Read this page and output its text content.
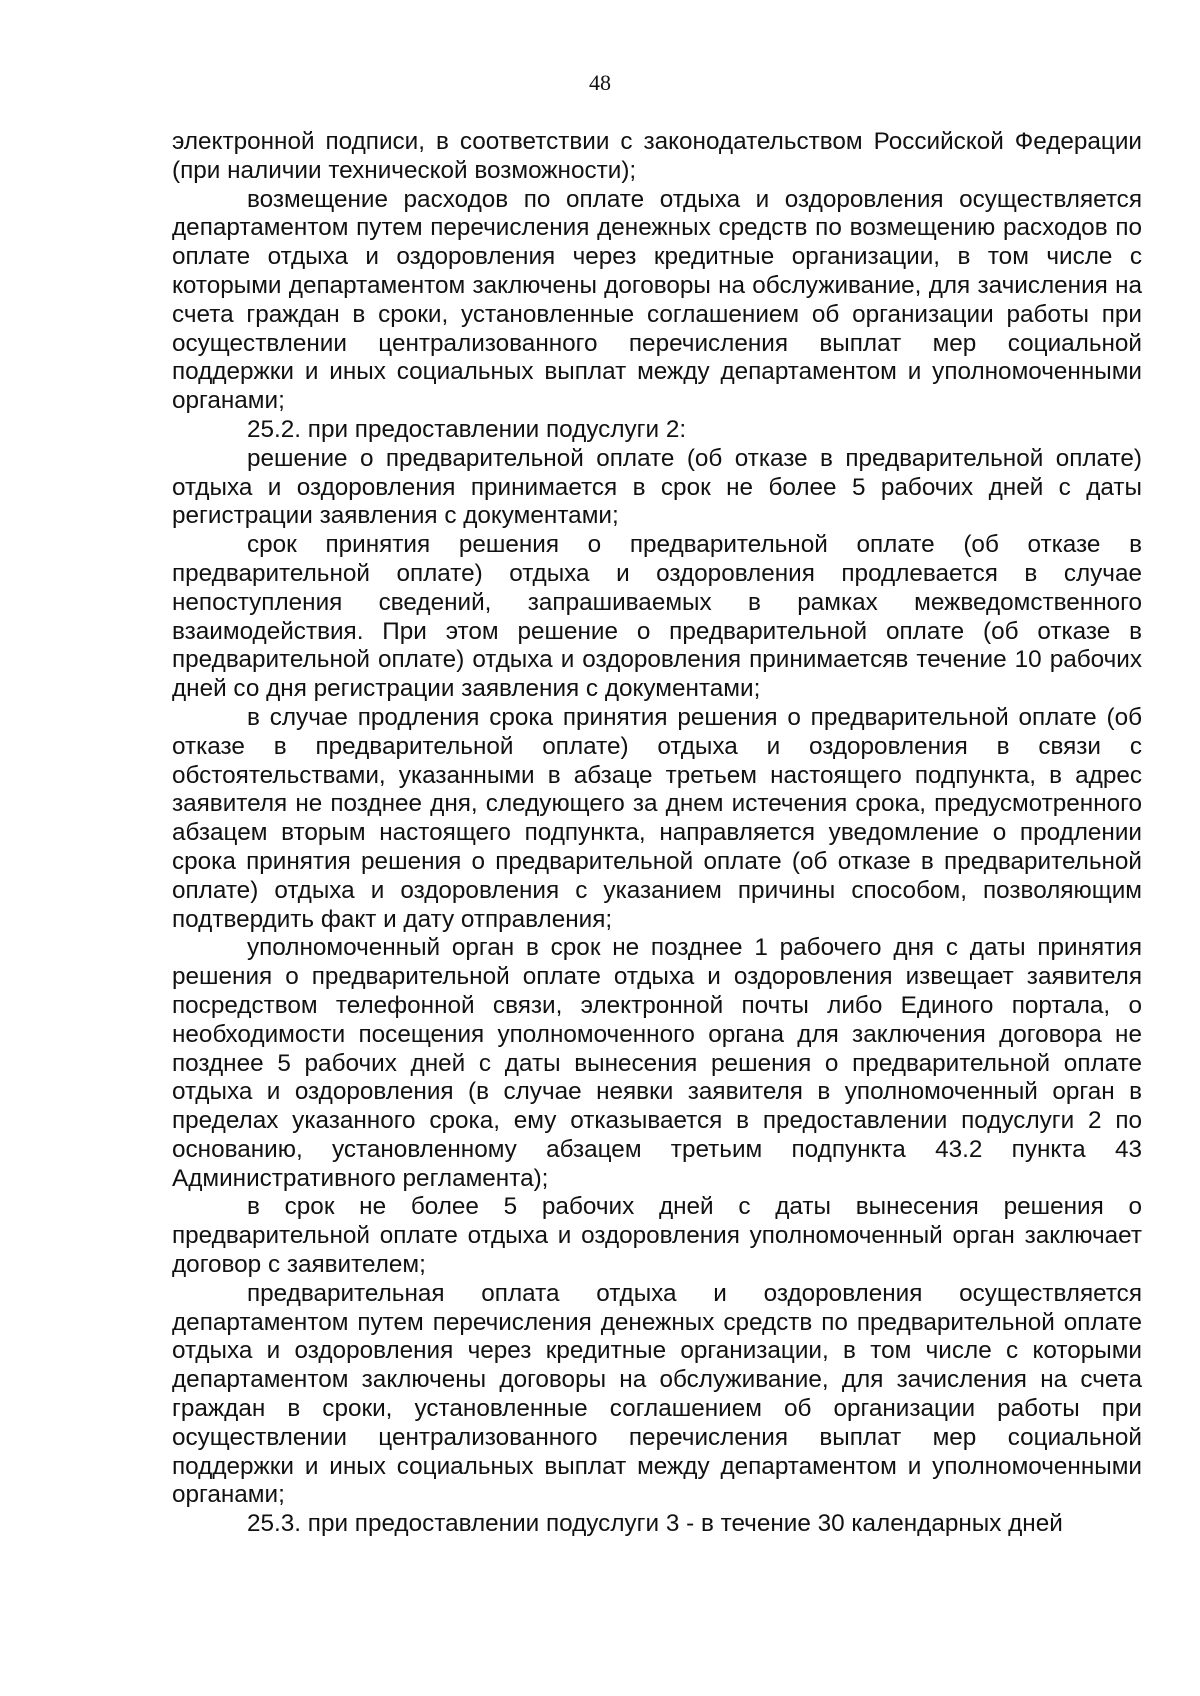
48

электронной подписи, в соответствии с законодательством Российской Федерации (при наличии технической возможности);

возмещение расходов по оплате отдыха и оздоровления осуществляется департаментом путем перечисления денежных средств по возмещению расходов по оплате отдыха и оздоровления через кредитные организации, в том числе с которыми департаментом заключены договоры на обслуживание, для зачисления на счета граждан в сроки, установленные соглашением об организации работы при осуществлении централизованного перечисления выплат мер социальной поддержки и иных социальных выплат между департаментом и уполномоченными органами;

25.2. при предоставлении подуслуги 2:

решение о предварительной оплате (об отказе в предварительной оплате) отдыха и оздоровления принимается в срок не более 5 рабочих дней с даты регистрации заявления с документами;

срок принятия решения о предварительной оплате (об отказе в предварительной оплате) отдыха и оздоровления продлевается в случае непоступления сведений, запрашиваемых в рамках межведомственного взаимодействия. При этом решение о предварительной оплате (об отказе в предварительной оплате) отдыха и оздоровления принимаетсяв течение 10 рабочих дней со дня регистрации заявления с документами;

в случае продления срока принятия решения о предварительной оплате (об отказе в предварительной оплате) отдыха и оздоровления в связи с обстоятельствами, указанными в абзаце третьем настоящего подпункта, в адрес заявителя не позднее дня, следующего за днем истечения срока, предусмотренного абзацем вторым настоящего подпункта, направляется уведомление о продлении срока принятия решения о предварительной оплате (об отказе в предварительной оплате) отдыха и оздоровления с указанием причины способом, позволяющим подтвердить факт и дату отправления;

уполномоченный орган в срок не позднее 1 рабочего дня с даты принятия решения о предварительной оплате отдыха и оздоровления извещает заявителя посредством телефонной связи, электронной почты либо Единого портала, о необходимости посещения уполномоченного органа для заключения договора не позднее 5 рабочих дней с даты вынесения решения о предварительной оплате отдыха и оздоровления (в случае неявки заявителя в уполномоченный орган в пределах указанного срока, ему отказывается в предоставлении подуслуги 2 по основанию, установленному абзацем третьим подпункта 43.2 пункта 43 Административного регламента);

в срок не более 5 рабочих дней с даты вынесения решения о предварительной оплате отдыха и оздоровления уполномоченный орган заключает договор с заявителем;

предварительная оплата отдыха и оздоровления осуществляется департаментом путем перечисления денежных средств по предварительной оплате отдыха и оздоровления через кредитные организации, в том числе с которыми департаментом заключены договоры на обслуживание, для зачисления на счета граждан в сроки, установленные соглашением об организации работы при осуществлении централизованного перечисления выплат мер социальной поддержки и иных социальных выплат между департаментом и уполномоченными органами;

25.3. при предоставлении подуслуги 3 - в течение 30 календарных дней
